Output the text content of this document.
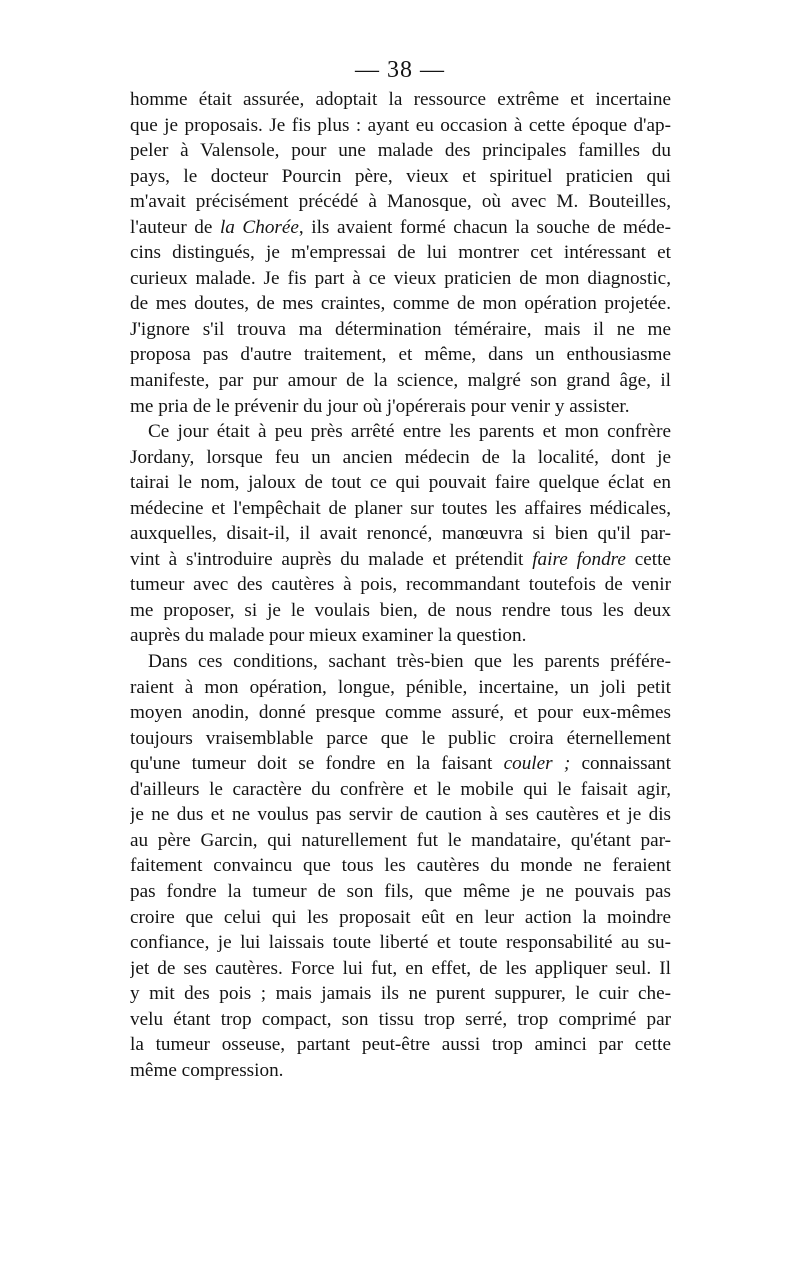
— 38 —
homme était assurée, adoptait la ressource extrême et incertaine
que je proposais. Je fis plus : ayant eu occasion à cette époque d'ap-
peler à Valensole, pour une malade des principales familles du
pays, le docteur Pourcin père, vieux et spirituel praticien qui
m'avait précisément précédé à Manosque, où avec M. Bouteilles,
l'auteur de la Chorée, ils avaient formé chacun la souche de méde-
cins distingués, je m'empressai de lui montrer cet intéressant et
curieux malade. Je fis part à ce vieux praticien de mon diagnostic,
de mes doutes, de mes craintes, comme de mon opération projetée.
J'ignore s'il trouva ma détermination téméraire, mais il ne me
proposa pas d'autre traitement, et même, dans un enthousiasme
manifeste, par pur amour de la science, malgré son grand âge, il
me pria de le prévenir du jour où j'opérerais pour venir y assister.
Ce jour était à peu près arrêté entre les parents et mon confrère
Jordany, lorsque feu un ancien médecin de la localité, dont je
tairai le nom, jaloux de tout ce qui pouvait faire quelque éclat en
médecine et l'empêchait de planer sur toutes les affaires médicales,
auxquelles, disait-il, il avait renoncé, manœuvra si bien qu'il par-
vint à s'introduire auprès du malade et prétendit faire fondre cette
tumeur avec des cautères à pois, recommandant toutefois de venir
me proposer, si je le voulais bien, de nous rendre tous les deux
auprès du malade pour mieux examiner la question.
Dans ces conditions, sachant très-bien que les parents préfére-
raient à mon opération, longue, pénible, incertaine, un joli petit
moyen anodin, donné presque comme assuré, et pour eux-mêmes
toujours vraisemblable parce que le public croira éternellement
qu'une tumeur doit se fondre en la faisant couler ; connaissant
d'ailleurs le caractère du confrère et le mobile qui le faisait agir,
je ne dus et ne voulus pas servir de caution à ses cautères et je dis
au père Garcin, qui naturellement fut le mandataire, qu'étant par-
faitement convaincu que tous les cautères du monde ne feraient
pas fondre la tumeur de son fils, que même je ne pouvais pas
croire que celui qui les proposait eût en leur action la moindre
confiance, je lui laissais toute liberté et toute responsabilité au su-
jet de ses cautères. Force lui fut, en effet, de les appliquer seul. Il
y mit des pois ; mais jamais ils ne purent suppurer, le cuir che-
velu étant trop compact, son tissu trop serré, trop comprimé par
la tumeur osseuse, partant peut-être aussi trop aminci par cette
même compression.
